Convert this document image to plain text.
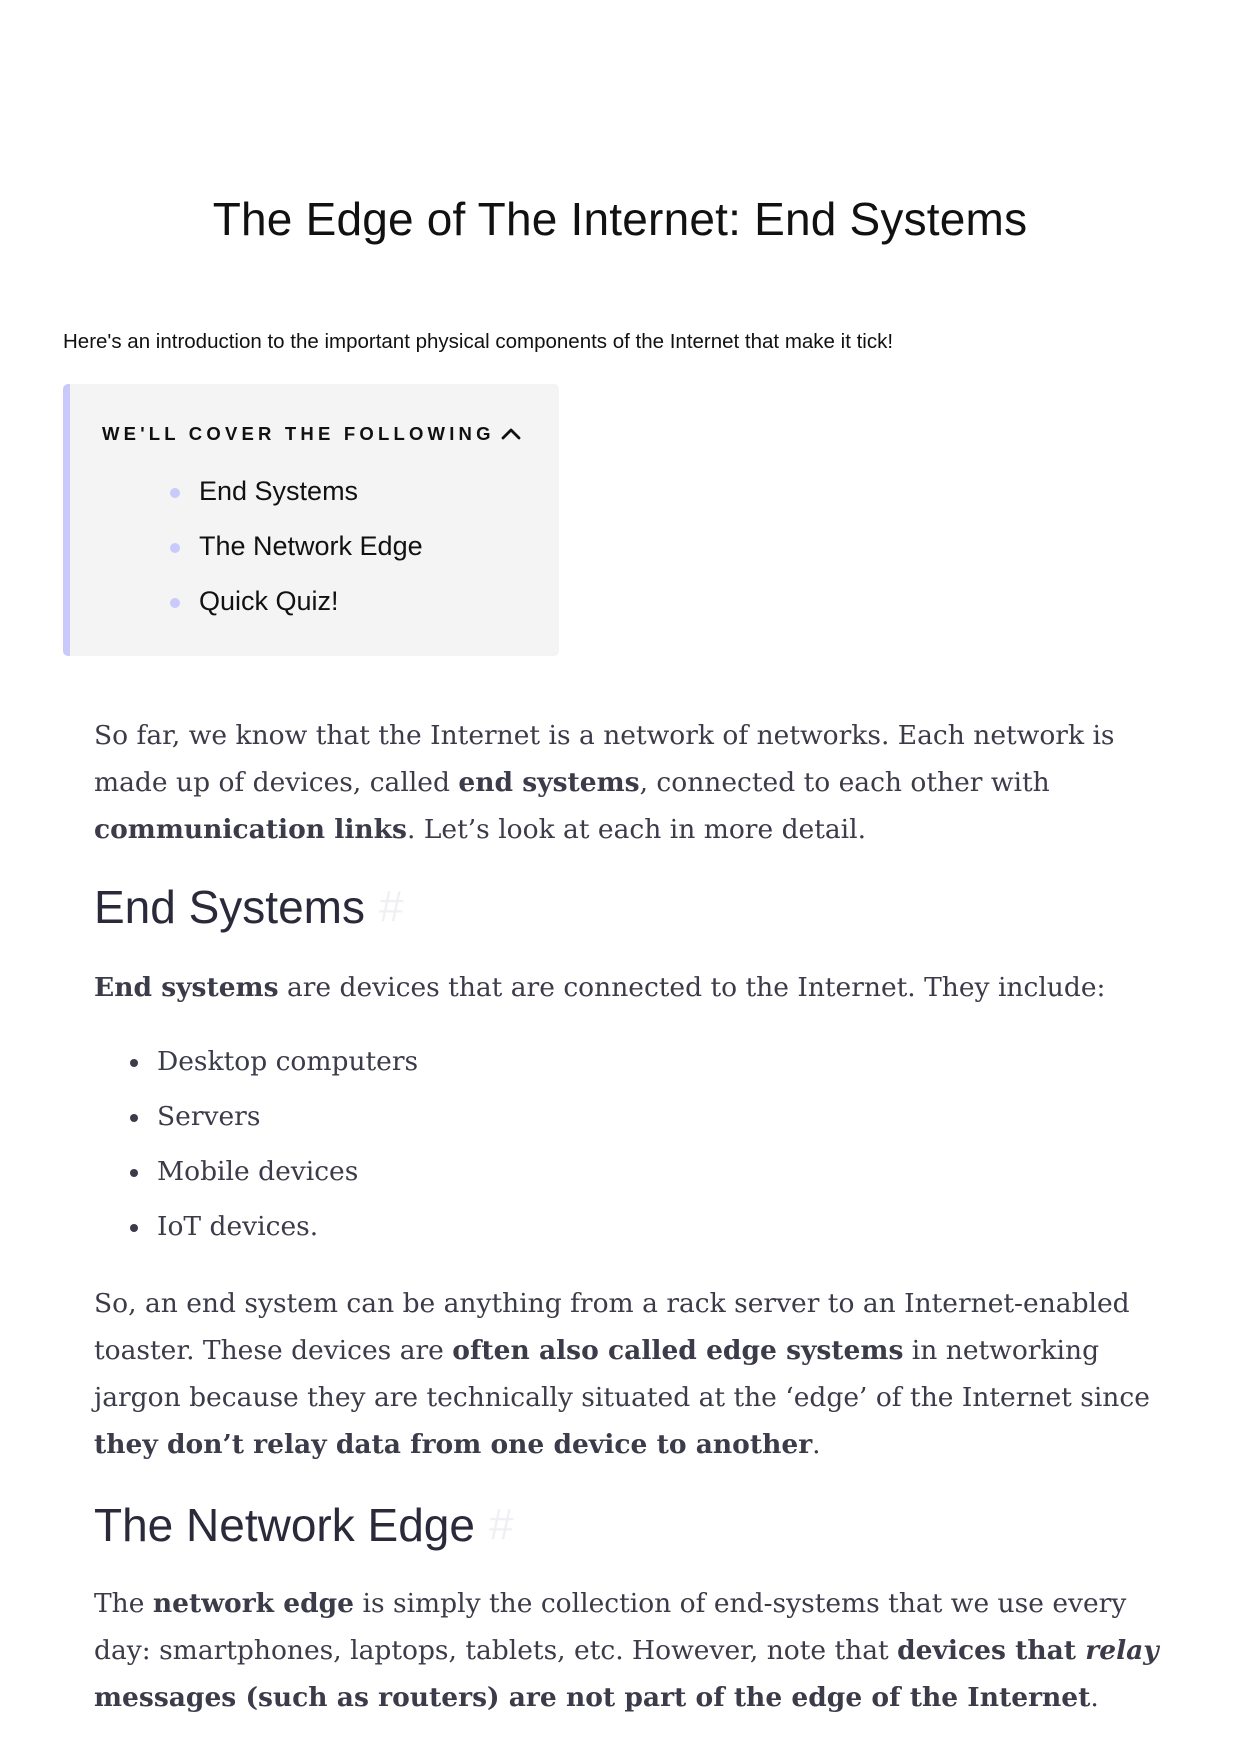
The Edge of The Internet: End Systems

Here's an introduction to the important physical components of the Internet that make it tick!

WE'LL COVER THE FOLLOWING
End Systems
The Network Edge
Quick Quiz!

So far, we know that the Internet is a network of networks. Each network is made up of devices, called end systems, connected to each other with communication links. Let’s look at each in more detail.

End Systems #

End systems are devices that are connected to the Internet. They include:

Desktop computers
Servers
Mobile devices
IoT devices.

So, an end system can be anything from a rack server to an Internet-enabled toaster. These devices are often also called edge systems in networking jargon because they are technically situated at the ‘edge’ of the Internet since they don’t relay data from one device to another.

The Network Edge #

The network edge is simply the collection of end-systems that we use every day: smartphones, laptops, tablets, etc. However, note that devices that relay messages (such as routers) are not part of the edge of the Internet.
